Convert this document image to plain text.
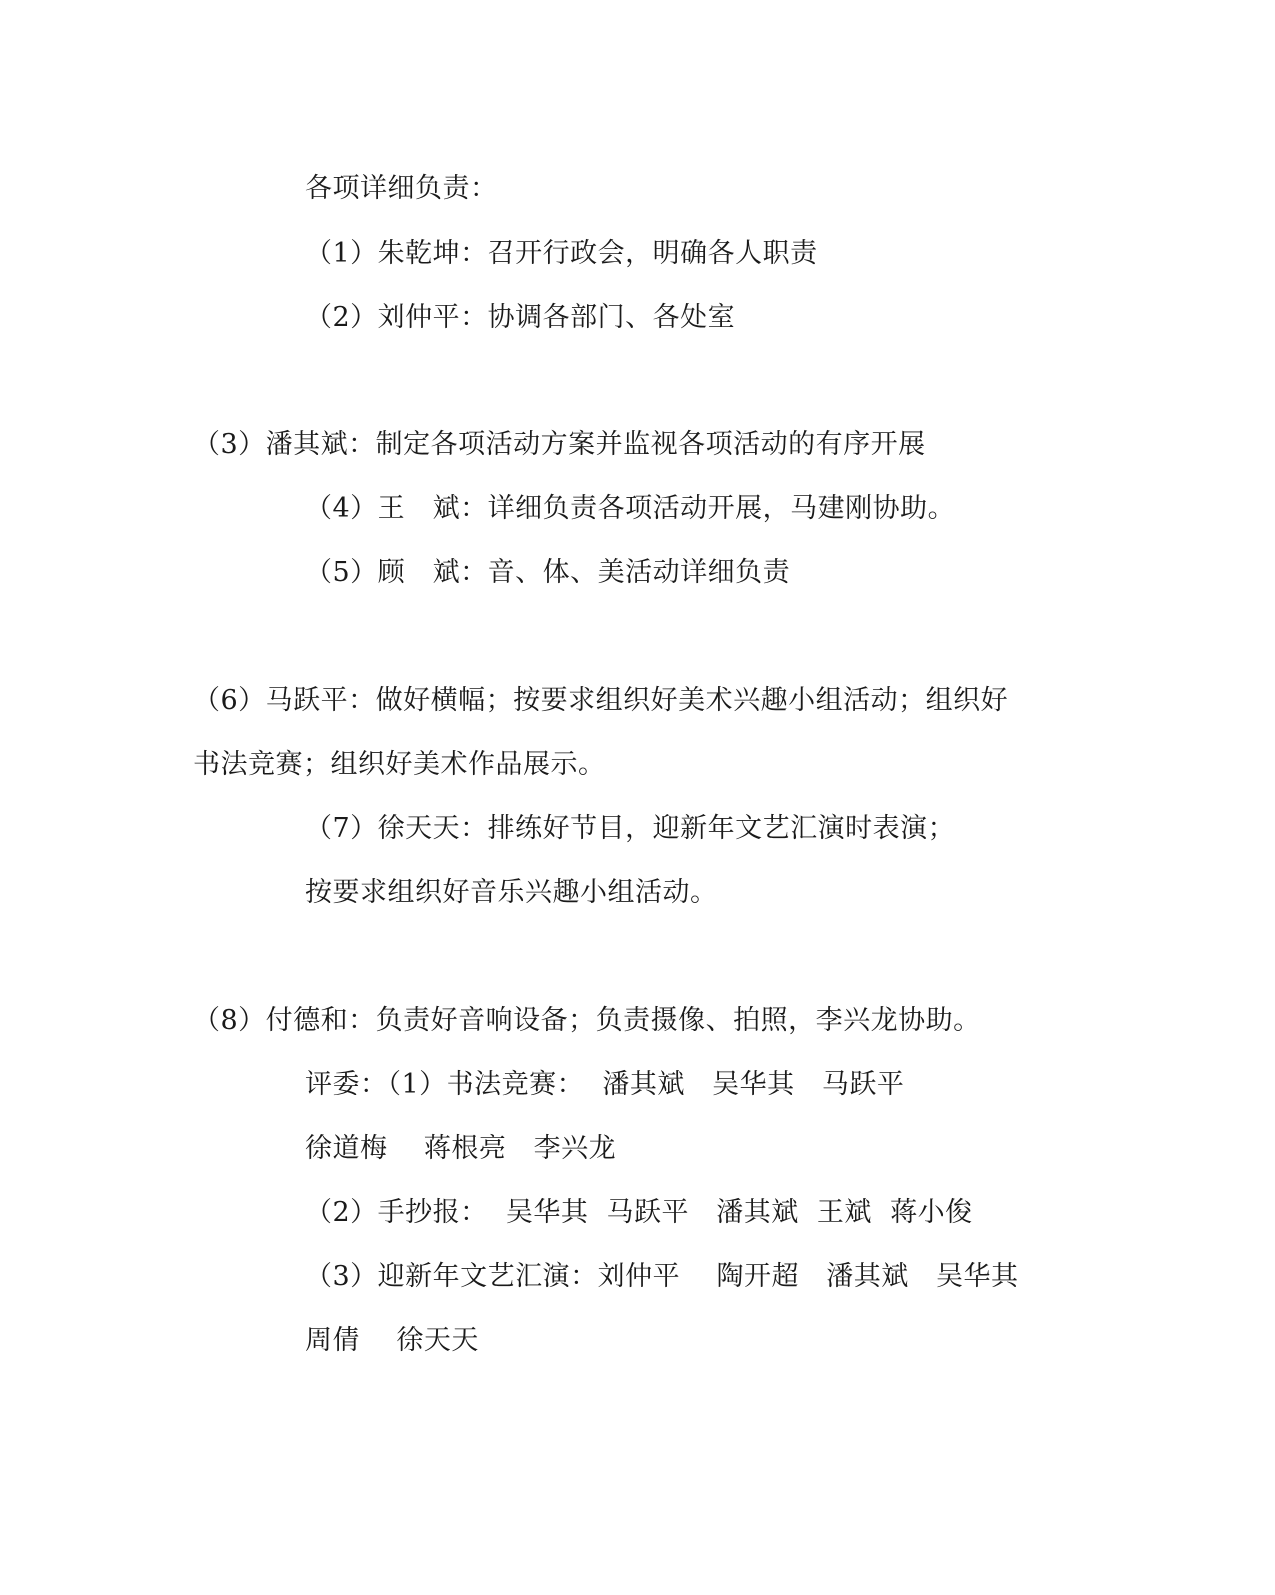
各项详细负责：
（1）朱乾坤：召开行政会，明确各人职责
（2）刘仲平：协调各部门、各处室
（3）潘其斌：制定各项活动方案并监视各项活动的有序开展
（4）王　斌：详细负责各项活动开展，马建刚协助。
（5）顾　斌：音、体、美活动详细负责
（6）马跃平：做好横幅；按要求组织好美术兴趣小组活动；组织好
书法竞赛；组织好美术作品展示。
（7）徐天天：排练好节目，迎新年文艺汇演时表演；
按要求组织好音乐兴趣小组活动。
（8）付德和：负责好音响设备；负责摄像、拍照，李兴龙协助。
评委：（1）书法竞赛：  潘其斌   吴华其   马跃平
徐道梅    蒋根亮   李兴龙
（2）手抄报：  吴华其  马跃平   潘其斌  王斌  蒋小俊
（3）迎新年文艺汇演：刘仲平    陶开超   潘其斌   吴华其
周倩    徐天天
